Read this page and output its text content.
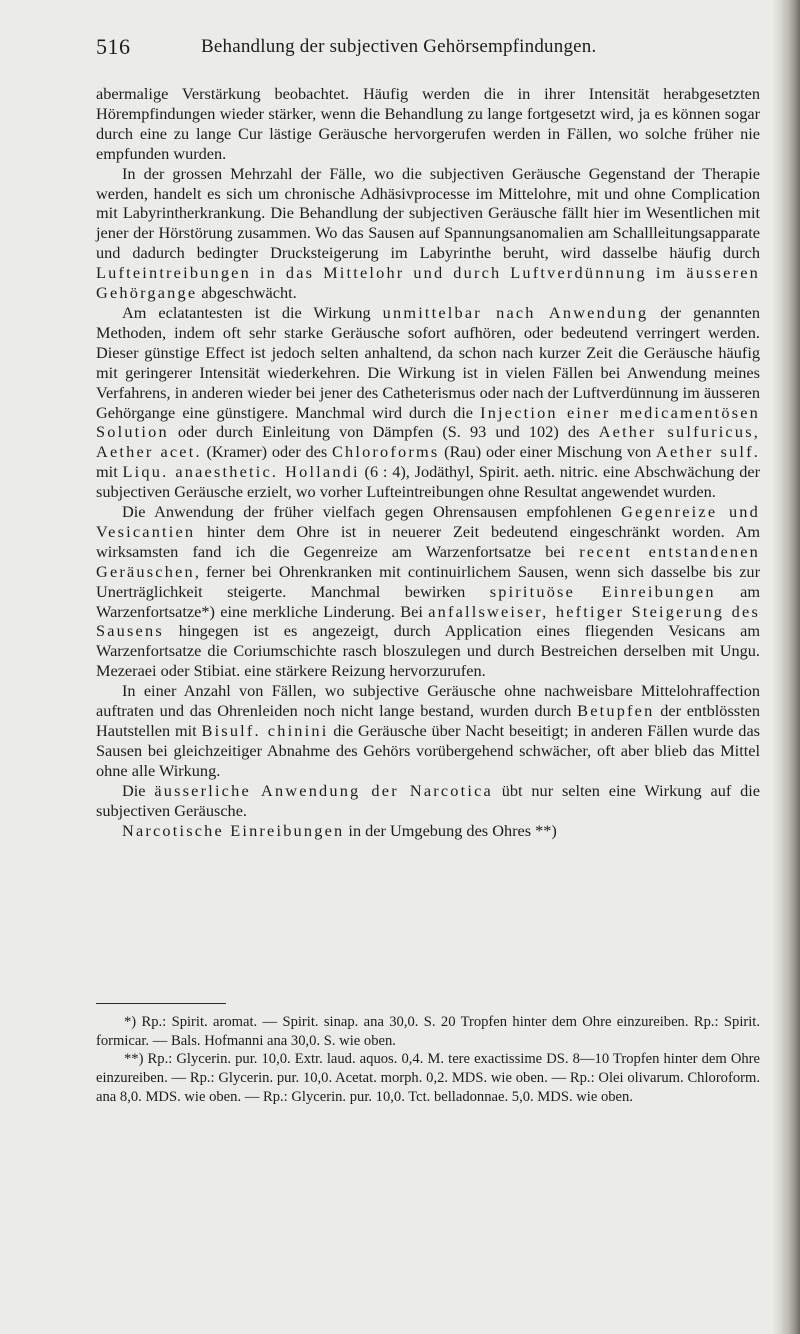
516	Behandlung der subjectiven Gehörsempfindungen.

abermalige Verstärkung beobachtet. Häufig werden die in ihrer Intensität herabgesetzten Hörempfindungen wieder stärker, wenn die Behandlung zu lange fortgesetzt wird, ja es können sogar durch eine zu lange Cur lästige Geräusche hervorgerufen werden in Fällen, wo solche früher nie empfunden wurden.

In der grossen Mehrzahl der Fälle, wo die subjectiven Geräusche Gegenstand der Therapie werden, handelt es sich um chronische Adhäsivprocesse im Mittelohre, mit und ohne Complication mit Labyrintherkrankung. Die Behandlung der subjectiven Geräusche fällt hier im Wesentlichen mit jener der Hörstörung zusammen. Wo das Sausen auf Spannungsanomalien am Schallleitungsapparate und dadurch bedingter Drucksteigerung im Labyrinthe beruht, wird dasselbe häufig durch Lufteintreibungen in das Mittelohr und durch Luftverdünnung im äusseren Gehörgange abgeschwächt.

Am eclatantesten ist die Wirkung unmittelbar nach Anwendung der genannten Methoden, indem oft sehr starke Geräusche sofort aufhören, oder bedeutend verringert werden. Dieser günstige Effect ist jedoch selten anhaltend, da schon nach kurzer Zeit die Geräusche häufig mit geringerer Intensität wiederkehren. Die Wirkung ist in vielen Fällen bei Anwendung meines Verfahrens, in anderen wieder bei jener des Catheterismus oder nach der Luftverdünnung im äusseren Gehörgange eine günstigere. Manchmal wird durch die Injection einer medicamentösen Solution oder durch Einleitung von Dämpfen (S. 93 und 102) des Aether sulfuricus, Aether acet. (Kramer) oder des Chloroforms (Rau) oder einer Mischung von Aether sulf. mit Liqu. anaesthetic. Hollandi (6 : 4), Jodäthyl, Spirit. aeth. nitric. eine Abschwächung der subjectiven Geräusche erzielt, wo vorher Lufteintreibungen ohne Resultat angewendet wurden.

Die Anwendung der früher vielfach gegen Ohrensausen empfohlenen Gegenreize und Vesicantien hinter dem Ohre ist in neuerer Zeit bedeutend eingeschränkt worden. Am wirksamsten fand ich die Gegenreize am Warzenfortsatze bei recent entstandenen Geräuschen, ferner bei Ohrenkranken mit continuirlichem Sausen, wenn sich dasselbe bis zur Unerträglichkeit steigerte. Manchmal bewirken spirituöse Einreibungen am Warzenfortsatze*) eine merkliche Linderung. Bei anfallsweiser, heftiger Steigerung des Sausens hingegen ist es angezeigt, durch Application eines fliegenden Vesicans am Warzenfortsatze die Coriumschichte rasch bloszulegen und durch Bestreichen derselben mit Ungu. Mezeraei oder Stibiat. eine stärkere Reizung hervorzurufen.

In einer Anzahl von Fällen, wo subjective Geräusche ohne nachweisbare Mittelohraffection auftraten und das Ohrenleiden noch nicht lange bestand, wurden durch Betupfen der entblössten Hautstellen mit Bisulf. chinini die Geräusche über Nacht beseitigt; in anderen Fällen wurde das Sausen bei gleichzeitiger Abnahme des Gehörs vorübergehend schwächer, oft aber blieb das Mittel ohne alle Wirkung.

Die äusserliche Anwendung der Narcotica übt nur selten eine Wirkung auf die subjectiven Geräusche.

Narcotische Einreibungen in der Umgebung des Ohres **)

*) Rp.: Spirit. aromat. — Spirit. sinap. ana 30,0. S. 20 Tropfen hinter dem Ohre einzureiben. Rp.: Spirit. formicar. — Bals. Hofmanni ana 30,0. S. wie oben.

**) Rp.: Glycerin. pur. 10,0. Extr. laud. aquos. 0,4. M. tere exactissime DS. 8—10 Tropfen hinter dem Ohre einzureiben. — Rp.: Glycerin. pur. 10,0. Acetat. morph. 0,2. MDS. wie oben. — Rp.: Olei olivarum. Chloroform. ana 8,0. MDS. wie oben. — Rp.: Glycerin. pur. 10,0. Tct. belladonnae. 5,0. MDS. wie oben.
